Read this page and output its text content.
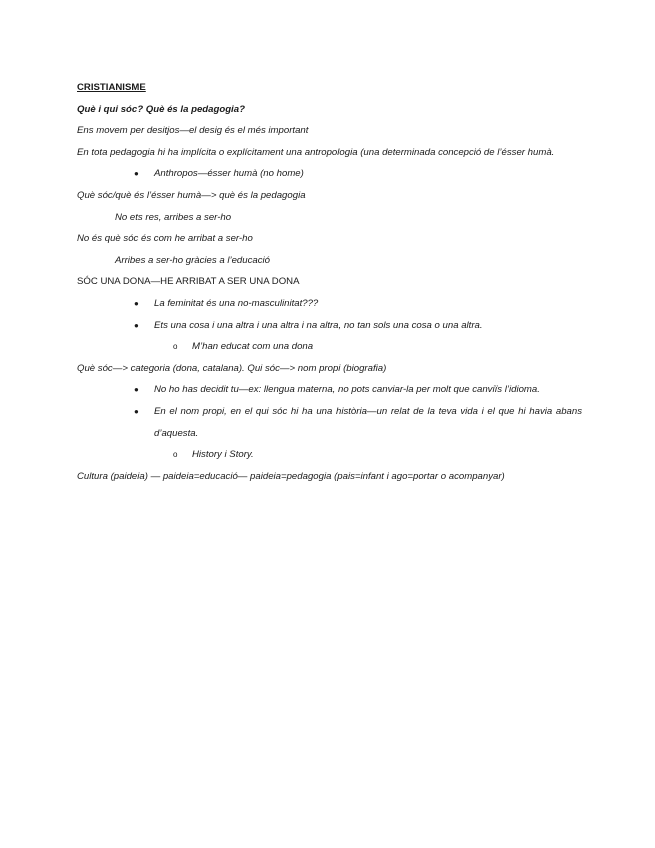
CRISTIANISME

Què i qui sóc? Què és la pedagogia?

Ens movem per desitjos—el desig és el més important

En tota pedagogia hi ha implícita o explícitament una antropologia (una determinada concepció de l’ésser humà.

● Anthropos—ésser humà (no home)

Què sóc/què és l’ésser humà—> què és la pedagogia

No ets res, arribes a ser-ho

No és què sóc és com he arribat a ser-ho

Arribes a ser-ho gràcies a l’educació

SÓC UNA DONA—HE ARRIBAT A SER UNA DONA

● La feminitat és una no-masculinitat???
● Ets una cosa i una altra i una altra i na altra, no tan sols una cosa o una altra.
o M’han educat com una dona

Què sóc—> categoria (dona, catalana). Qui sóc—> nom propi (biografia)

● No ho has decidit tu—ex: llengua materna, no pots canviar-la per molt que canviïs l’idioma.
● En el nom propi, en el qui sóc hi ha una història—un relat de la teva vida i el que hi havia abans d’aquesta.
o History i Story.

Cultura (paideia) — paideia=educació— paideia=pedagogia (pais=infant i ago=portar o acompanyar)
